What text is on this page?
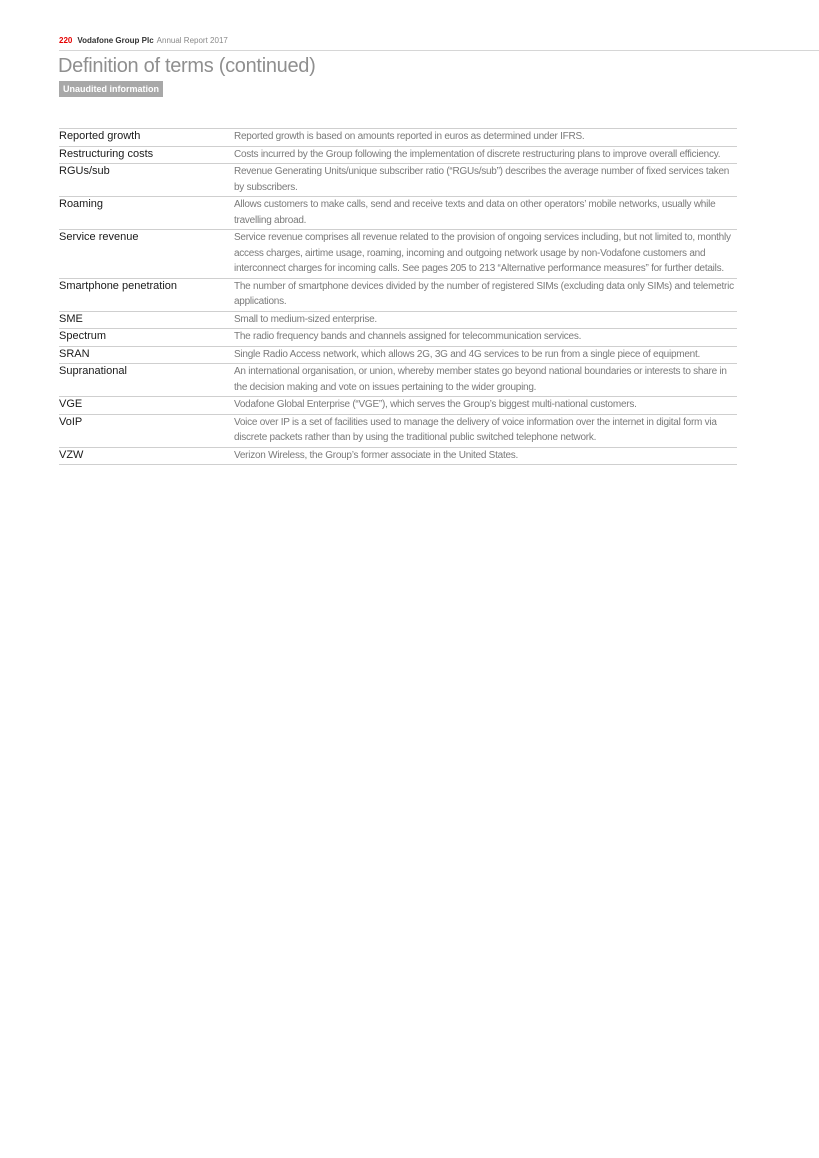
220 Vodafone Group Plc Annual Report 2017
Definition of terms (continued)
Unaudited information
Reported growth	Reported growth is based on amounts reported in euros as determined under IFRS.
Restructuring costs	Costs incurred by the Group following the implementation of discrete restructuring plans to improve overall efficiency.
RGUs/sub	Revenue Generating Units/unique subscriber ratio (“RGUs/sub”) describes the average number of fixed services taken by subscribers.
Roaming	Allows customers to make calls, send and receive texts and data on other operators’ mobile networks, usually while travelling abroad.
Service revenue	Service revenue comprises all revenue related to the provision of ongoing services including, but not limited to, monthly access charges, airtime usage, roaming, incoming and outgoing network usage by non-Vodafone customers and interconnect charges for incoming calls. See pages 205 to 213 “Alternative performance measures” for further details.
Smartphone penetration	The number of smartphone devices divided by the number of registered SIMs (excluding data only SIMs) and telemetric applications.
SME	Small to medium-sized enterprise.
Spectrum	The radio frequency bands and channels assigned for telecommunication services.
SRAN	Single Radio Access network, which allows 2G, 3G and 4G services to be run from a single piece of equipment.
Supranational	An international organisation, or union, whereby member states go beyond national boundaries or interests to share in the decision making and vote on issues pertaining to the wider grouping.
VGE	Vodafone Global Enterprise (“VGE”), which serves the Group’s biggest multi-national customers.
VoIP	Voice over IP is a set of facilities used to manage the delivery of voice information over the internet in digital form via discrete packets rather than by using the traditional public switched telephone network.
VZW	Verizon Wireless, the Group’s former associate in the United States.
